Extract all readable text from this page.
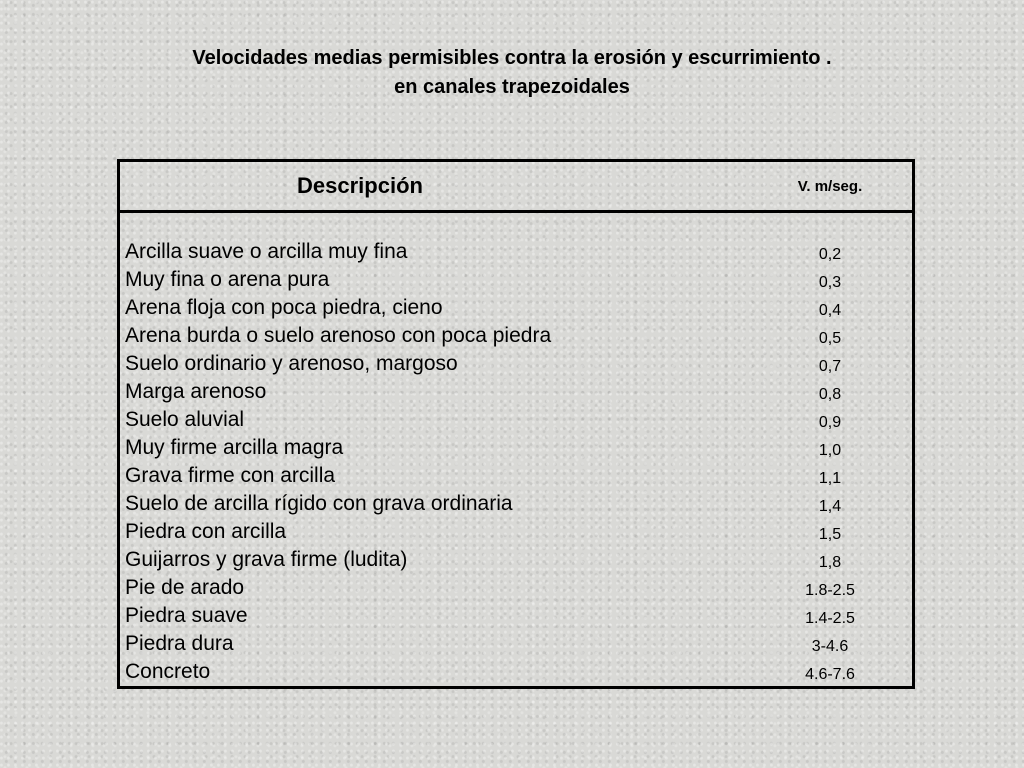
Velocidades medias permisibles contra la erosión y escurrimiento .
en canales trapezoidales
Descripción	V. m/seg.
Arcilla suave o arcilla muy fina	0,2
Muy fina o arena pura	0,3
Arena floja con poca piedra, cieno	0,4
Arena burda o suelo arenoso con poca piedra	0,5
Suelo ordinario y arenoso, margoso	0,7
Marga arenoso	0,8
Suelo aluvial	0,9
Muy firme arcilla magra	1,0
Grava firme con arcilla	1,1
Suelo de arcilla rígido con grava ordinaria	1,4
Piedra con arcilla	1,5
Guijarros y grava firme (ludita)	1,8
Pie de arado	1.8-2.5
Piedra suave	1.4-2.5
Piedra dura	3-4.6
Concreto	4.6-7.6
